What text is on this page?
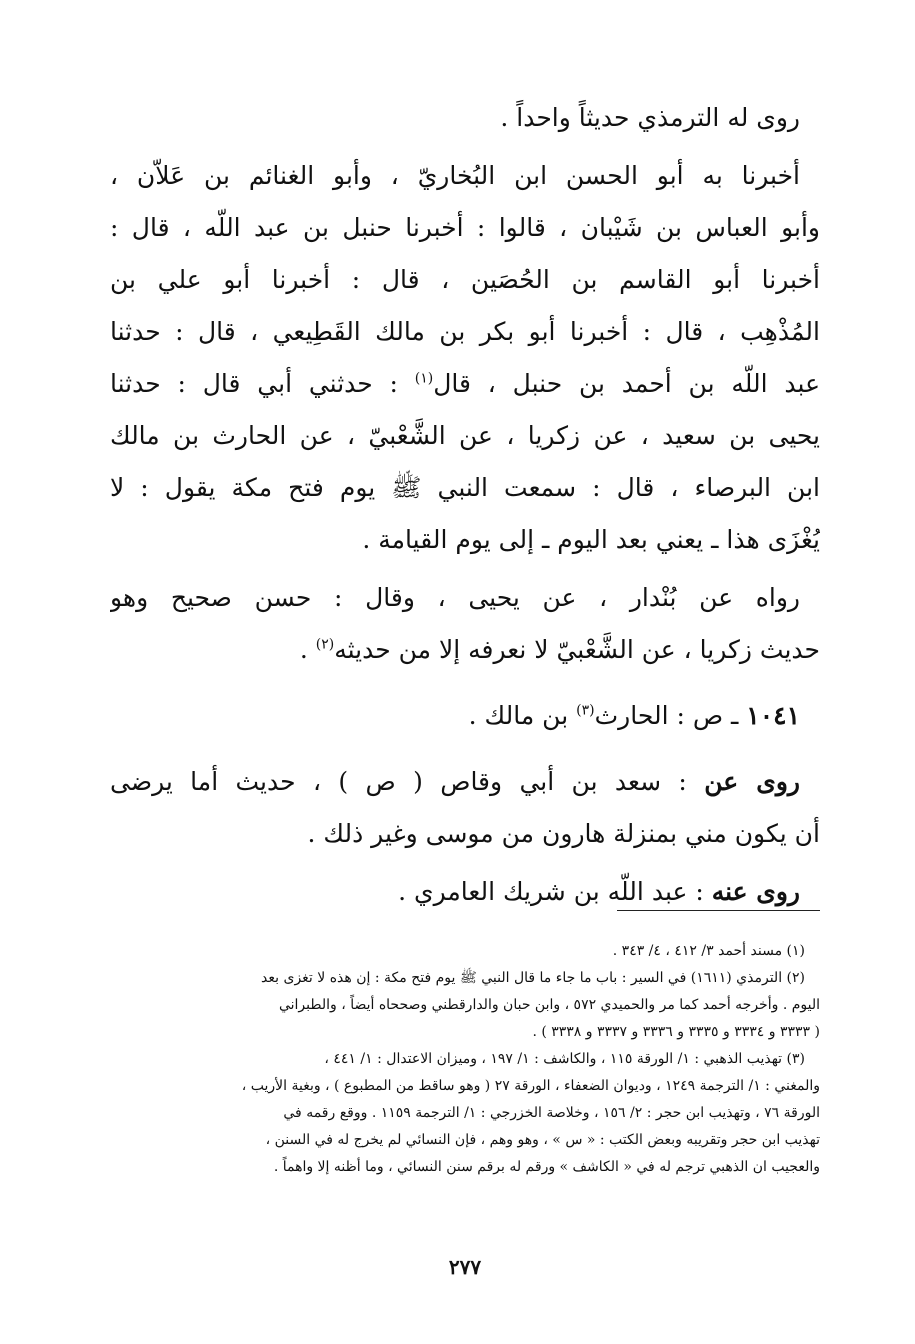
روى له الترمذي حديثاً واحداً .
أخبرنا به أبو الحسن ابن البُخاريّ ، وأبو الغنائم بن عَلاّن ،
وأبو العباس بن شَيْبان ، قالوا : أخبرنا حنبل بن عبد اللّه ، قال :
أخبرنا أبو القاسم بن الحُصَين ، قال : أخبرنا أبو علي بن
المُذْهِب ، قال : أخبرنا أبو بكر بن مالك القَطِيعي ، قال : حدثنا
عبد اللّه بن أحمد بن حنبل ، قال$^{(١)}$ : حدثني أبي قال : حدثنا
يحيى بن سعيد ، عن زكريا ، عن الشَّعْبيّ ، عن الحارث بن مالك
ابن البرصاء ، قال : سمعت النبي ﷺ يوم فتح مكة يقول : لا
يُغْزَى هذا ـ يعني بعد اليوم ـ إلى يوم القيامة .
رواه عن بُنْدار ، عن يحيى ، وقال : حسن صحيح وهو
حديث زكريا ، عن الشَّعْبيّ لا نعرفه إلا من حديثه$^{(٢)}$ .
١٠٤١ ـ ص : الحارث$^{(٣)}$ بن مالك .
روى عن : سعد بن أبي وقاص ( ص ) ، حديث أما يرضى
أن يكون مني بمنزلة هارون من موسى وغير ذلك .
روى عنه : عبد اللّه بن شريك العامري .
(١) مسند أحمد ٣/ ٤١٢ ، ٤/ ٣٤٣ .
(٢) الترمذي (١٦١١) في السير : باب ما جاء ما قال النبي ﷺ يوم فتح مكة : إن هذه لا تغزى بعد
اليوم . وأخرجه أحمد كما مر والحميدي ٥٧٢ ، وابن حبان والدارقطني وصححاه أيضاً ، والطبراني
( ٣٣٣٣ و ٣٣٣٤ و ٣٣٣٥ و ٣٣٣٦ و ٣٣٣٧ و ٣٣٣٨ ) .
(٣) تهذيب الذهبي : ١/ الورقة ١١٥ ، والكاشف : ١/ ١٩٧ ، وميزان الاعتدال : ١/ ٤٤١ ،
والمغني : ١/ الترجمة ١٢٤٩ ، وديوان الضعفاء ، الورقة ٢٧ ( وهو ساقط من المطبوع ) ، وبغية الأريب ،
الورقة ٧٦ ، وتهذيب ابن حجر : ٢/ ١٥٦ ، وخلاصة الخزرجي : ١/ الترجمة ١١٥٩ . ووقع رقمه في
تهذيب ابن حجر وتقريبه وبعض الكتب : « س » ، وهو وهم ، فإن النسائي لم يخرج له في السنن ،
والعجيب ان الذهبي ترجم له في « الكاشف » ورقم له برقم سنن النسائي ، وما أظنه إلا واهماً .
٢٧٧
